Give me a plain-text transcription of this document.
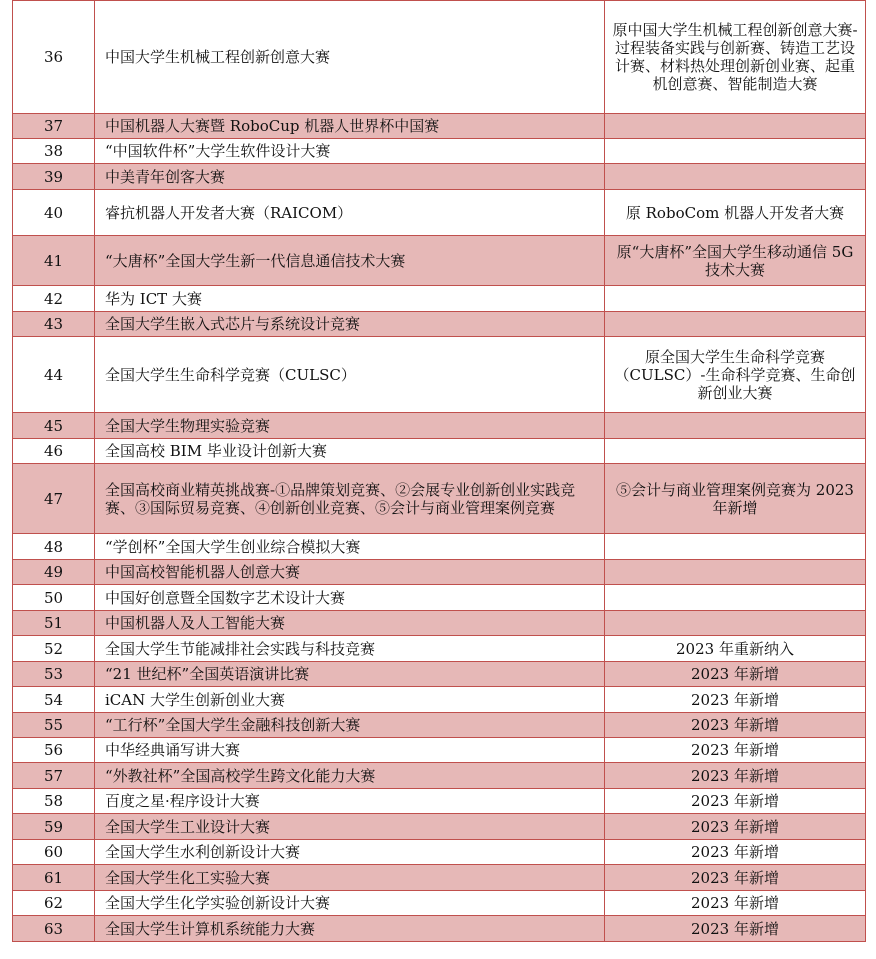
36	中国大学生机械工程创新创意大赛	原中国大学生机械工程创新创意大赛-过程装备实践与创新赛、铸造工艺设计赛、材料热处理创新创业赛、起重机创意赛、智能制造大赛
37	中国机器人大赛暨 RoboCup 机器人世界杯中国赛	
38	“中国软件杯”大学生软件设计大赛	
39	中美青年创客大赛	
40	睿抗机器人开发者大赛（RAICOM）	原 RoboCom 机器人开发者大赛
41	“大唐杯”全国大学生新一代信息通信技术大赛	原“大唐杯”全国大学生移动通信 5G 技术大赛
42	华为 ICT 大赛	
43	全国大学生嵌入式芯片与系统设计竞赛	
44	全国大学生生命科学竞赛（CULSC）	原全国大学生生命科学竞赛（CULSC）-生命科学竞赛、生命创新创业大赛
45	全国大学生物理实验竞赛	
46	全国高校 BIM 毕业设计创新大赛	
47	全国高校商业精英挑战赛-①品牌策划竞赛、②会展专业创新创业实践竞赛、③国际贸易竞赛、④创新创业竞赛、⑤会计与商业管理案例竞赛	⑤会计与商业管理案例竞赛为 2023 年新增
48	“学创杯”全国大学生创业综合模拟大赛	
49	中国高校智能机器人创意大赛	
50	中国好创意暨全国数字艺术设计大赛	
51	中国机器人及人工智能大赛	
52	全国大学生节能减排社会实践与科技竞赛	2023 年重新纳入
53	“21 世纪杯”全国英语演讲比赛	2023 年新增
54	iCAN 大学生创新创业大赛	2023 年新增
55	“工行杯”全国大学生金融科技创新大赛	2023 年新增
56	中华经典诵写讲大赛	2023 年新增
57	“外教社杯”全国高校学生跨文化能力大赛	2023 年新增
58	百度之星·程序设计大赛	2023 年新增
59	全国大学生工业设计大赛	2023 年新增
60	全国大学生水利创新设计大赛	2023 年新增
61	全国大学生化工实验大赛	2023 年新增
62	全国大学生化学实验创新设计大赛	2023 年新增
63	全国大学生计算机系统能力大赛	2023 年新增
